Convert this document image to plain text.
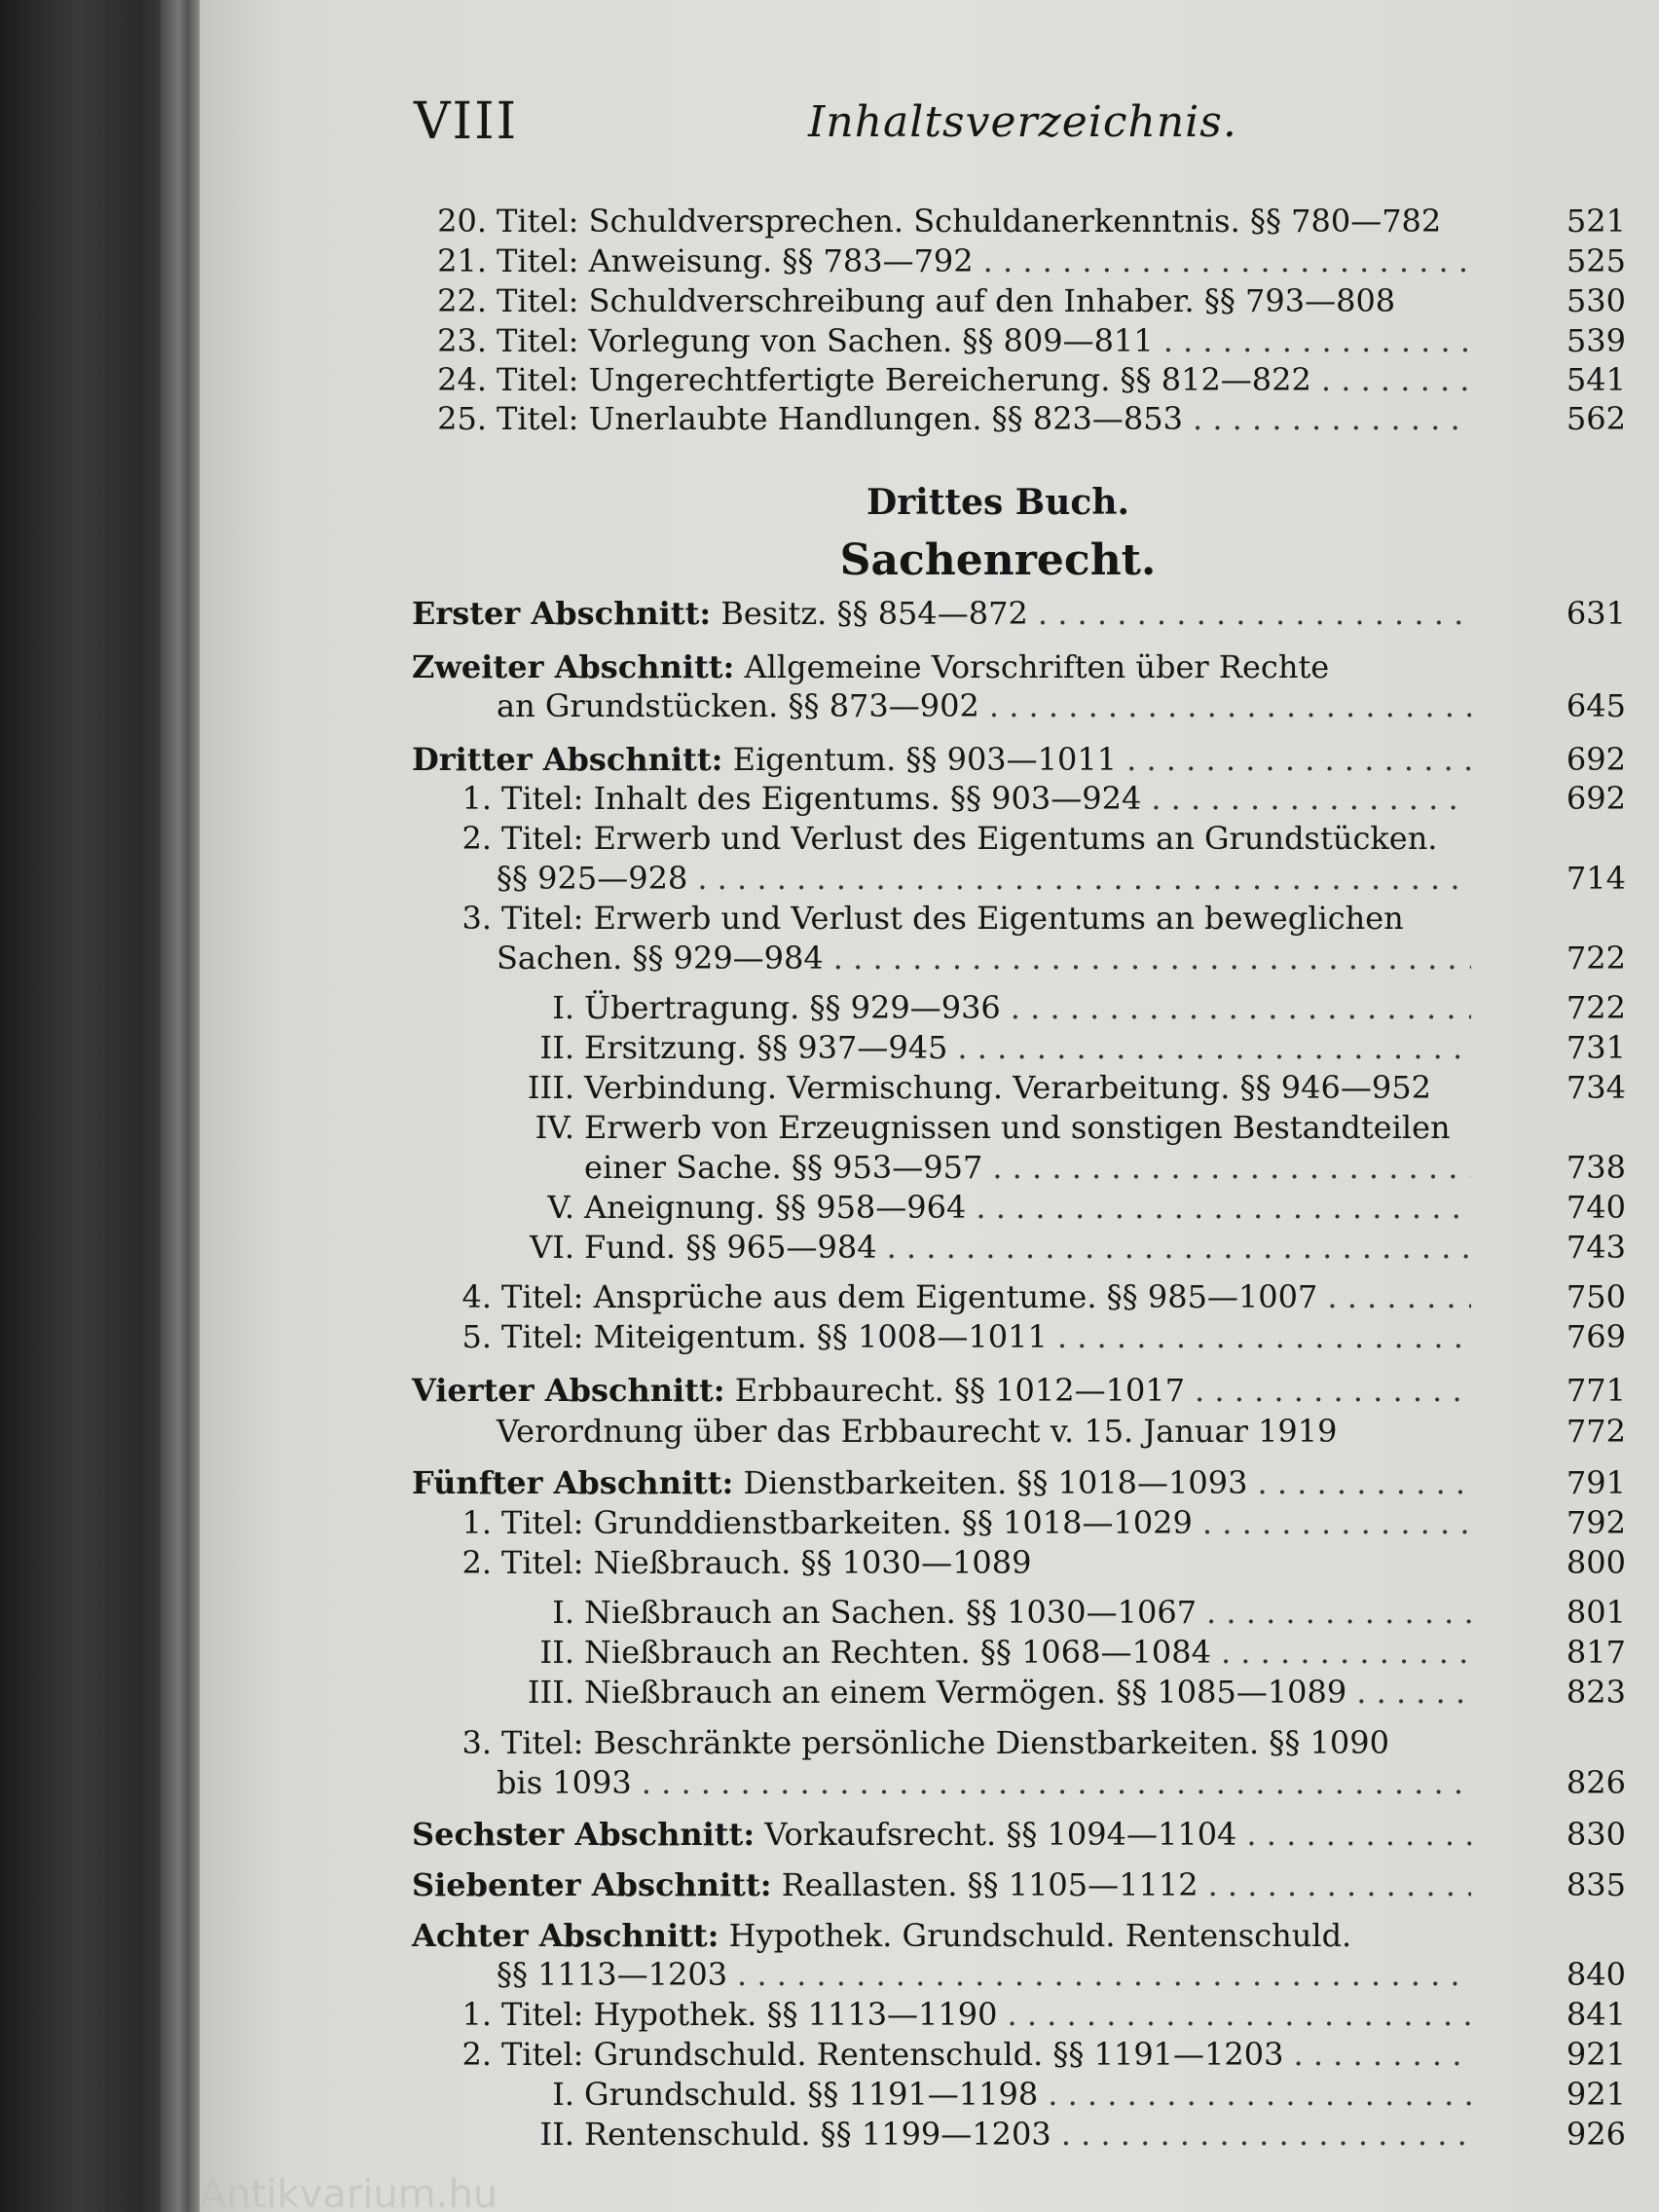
Antikvarium.hu
VIII	Inhaltsverzeichnis.
20. Titel: Schuldversprechen. Schuldanerkenntnis. §§ 780—782	521
21. Titel: Anweisung. §§ 783—792 . . .	525
22. Titel: Schuldverschreibung auf den Inhaber. §§ 793—808	530
23. Titel: Vorlegung von Sachen. §§ 809—811 . . .	539
24. Titel: Ungerechtfertigte Bereicherung. §§ 812—822 . . .	541
25. Titel: Unerlaubte Handlungen. §§ 823—853 . . .	562
Drittes Buch.
Sachenrecht.
Erster Abschnitt: Besitz. §§ 854—872 . . .	631
Zweiter Abschnitt: Allgemeine Vorschriften über Rechte
an Grundstücken. §§ 873—902 . . .	645
Dritter Abschnitt: Eigentum. §§ 903—1011 . . .	692
1. Titel: Inhalt des Eigentums. §§ 903—924 . . .	692
2. Titel: Erwerb und Verlust des Eigentums an Grundstücken.
§§ 925—928 . . .	714
3. Titel: Erwerb und Verlust des Eigentums an beweglichen
Sachen. §§ 929—984 . . .	722
I. Übertragung. §§ 929—936 . . .	722
II. Ersitzung. §§ 937—945 . . .	731
III. Verbindung. Vermischung. Verarbeitung. §§ 946—952	734
IV. Erwerb von Erzeugnissen und sonstigen Bestandteilen
einer Sache. §§ 953—957 . . .	738
V. Aneignung. §§ 958—964 . . .	740
VI. Fund. §§ 965—984 . . .	743
4. Titel: Ansprüche aus dem Eigentume. §§ 985—1007 . . .	750
5. Titel: Miteigentum. §§ 1008—1011 . . .	769
Vierter Abschnitt: Erbbaurecht. §§ 1012—1017 . . .	771
Verordnung über das Erbbaurecht v. 15. Januar 1919	772
Fünfter Abschnitt: Dienstbarkeiten. §§ 1018—1093 . . .	791
1. Titel: Grunddienstbarkeiten. §§ 1018—1029 . . .	792
2. Titel: Nießbrauch. §§ 1030—1089	800
I. Nießbrauch an Sachen. §§ 1030—1067 . . .	801
II. Nießbrauch an Rechten. §§ 1068—1084 . . .	817
III. Nießbrauch an einem Vermögen. §§ 1085—1089 . . .	823
3. Titel: Beschränkte persönliche Dienstbarkeiten. §§ 1090
bis 1093 . . .	826
Sechster Abschnitt: Vorkaufsrecht. §§ 1094—1104 . . .	830
Siebenter Abschnitt: Reallasten. §§ 1105—1112 . . .	835
Achter Abschnitt: Hypothek. Grundschuld. Rentenschuld.
§§ 1113—1203 . . .	840
1. Titel: Hypothek. §§ 1113—1190 . . .	841
2. Titel: Grundschuld. Rentenschuld. §§ 1191—1203 . . .	921
I. Grundschuld. §§ 1191—1198 . . .	921
II. Rentenschuld. §§ 1199—1203 . . .	926
